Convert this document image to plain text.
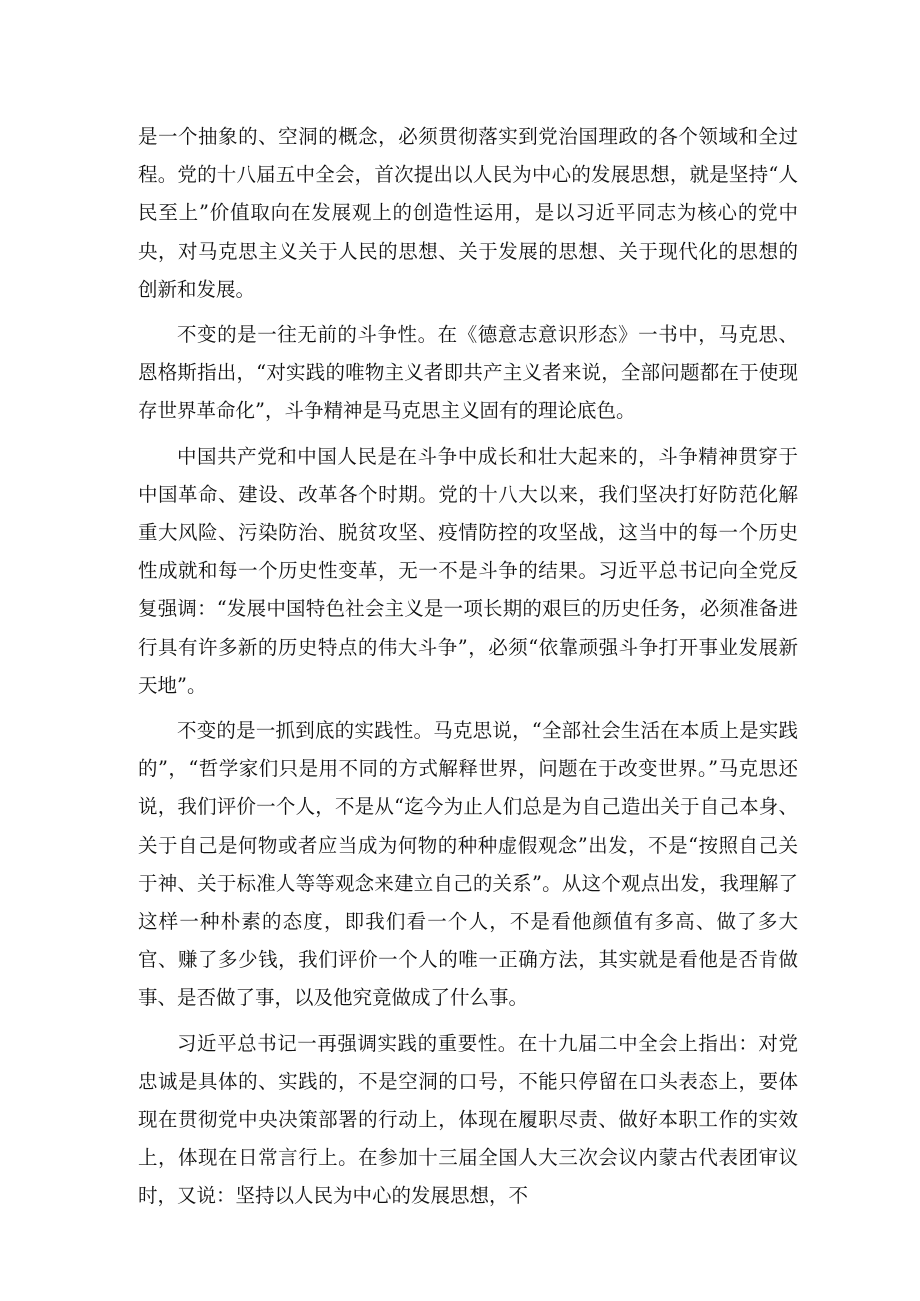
是一个抽象的、空洞的概念，必须贯彻落实到党治国理政的各个领域和全过程。党的十八届五中全会，首次提出以人民为中心的发展思想，就是坚持“人民至上”价值取向在发展观上的创造性运用，是以习近平同志为核心的党中央，对马克思主义关于人民的思想、关于发展的思想、关于现代化的思想的创新和发展。

不变的是一往无前的斗争性。在《德意志意识形态》一书中，马克思、恩格斯指出，“对实践的唯物主义者即共产主义者来说，全部问题都在于使现存世界革命化”，斗争精神是马克思主义固有的理论底色。

中国共产党和中国人民是在斗争中成长和壮大起来的，斗争精神贯穿于中国革命、建设、改革各个时期。党的十八大以来，我们坚决打好防范化解重大风险、污染防治、脱贫攻坚、疫情防控的攻坚战，这当中的每一个历史性成就和每一个历史性变革，无一不是斗争的结果。习近平总书记向全党反复强调：“发展中国特色社会主义是一项长期的艰巨的历史任务，必须准备进行具有许多新的历史特点的伟大斗争”，必须“依靠顽强斗争打开事业发展新天地”。

不变的是一抓到底的实践性。马克思说，“全部社会生活在本质上是实践的”，“哲学家们只是用不同的方式解释世界，问题在于改变世界。”马克思还说，我们评价一个人，不是从“迄今为止人们总是为自己造出关于自己本身、关于自己是何物或者应当成为何物的种种虚假观念”出发，不是“按照自己关于神、关于标准人等等观念来建立自己的关系”。从这个观点出发，我理解了这样一种朴素的态度，即我们看一个人，不是看他颜值有多高、做了多大官、赚了多少钱，我们评价一个人的唯一正确方法，其实就是看他是否肯做事、是否做了事，以及他究竟做成了什么事。

习近平总书记一再强调实践的重要性。在十九届二中全会上指出：对党忠诚是具体的、实践的，不是空洞的口号，不能只停留在口头表态上，要体现在贯彻党中央决策部署的行动上，体现在履职尽责、做好本职工作的实效上，体现在日常言行上。在参加十三届全国人大三次会议内蒙古代表团审议时，又说：坚持以人民为中心的发展思想，不
